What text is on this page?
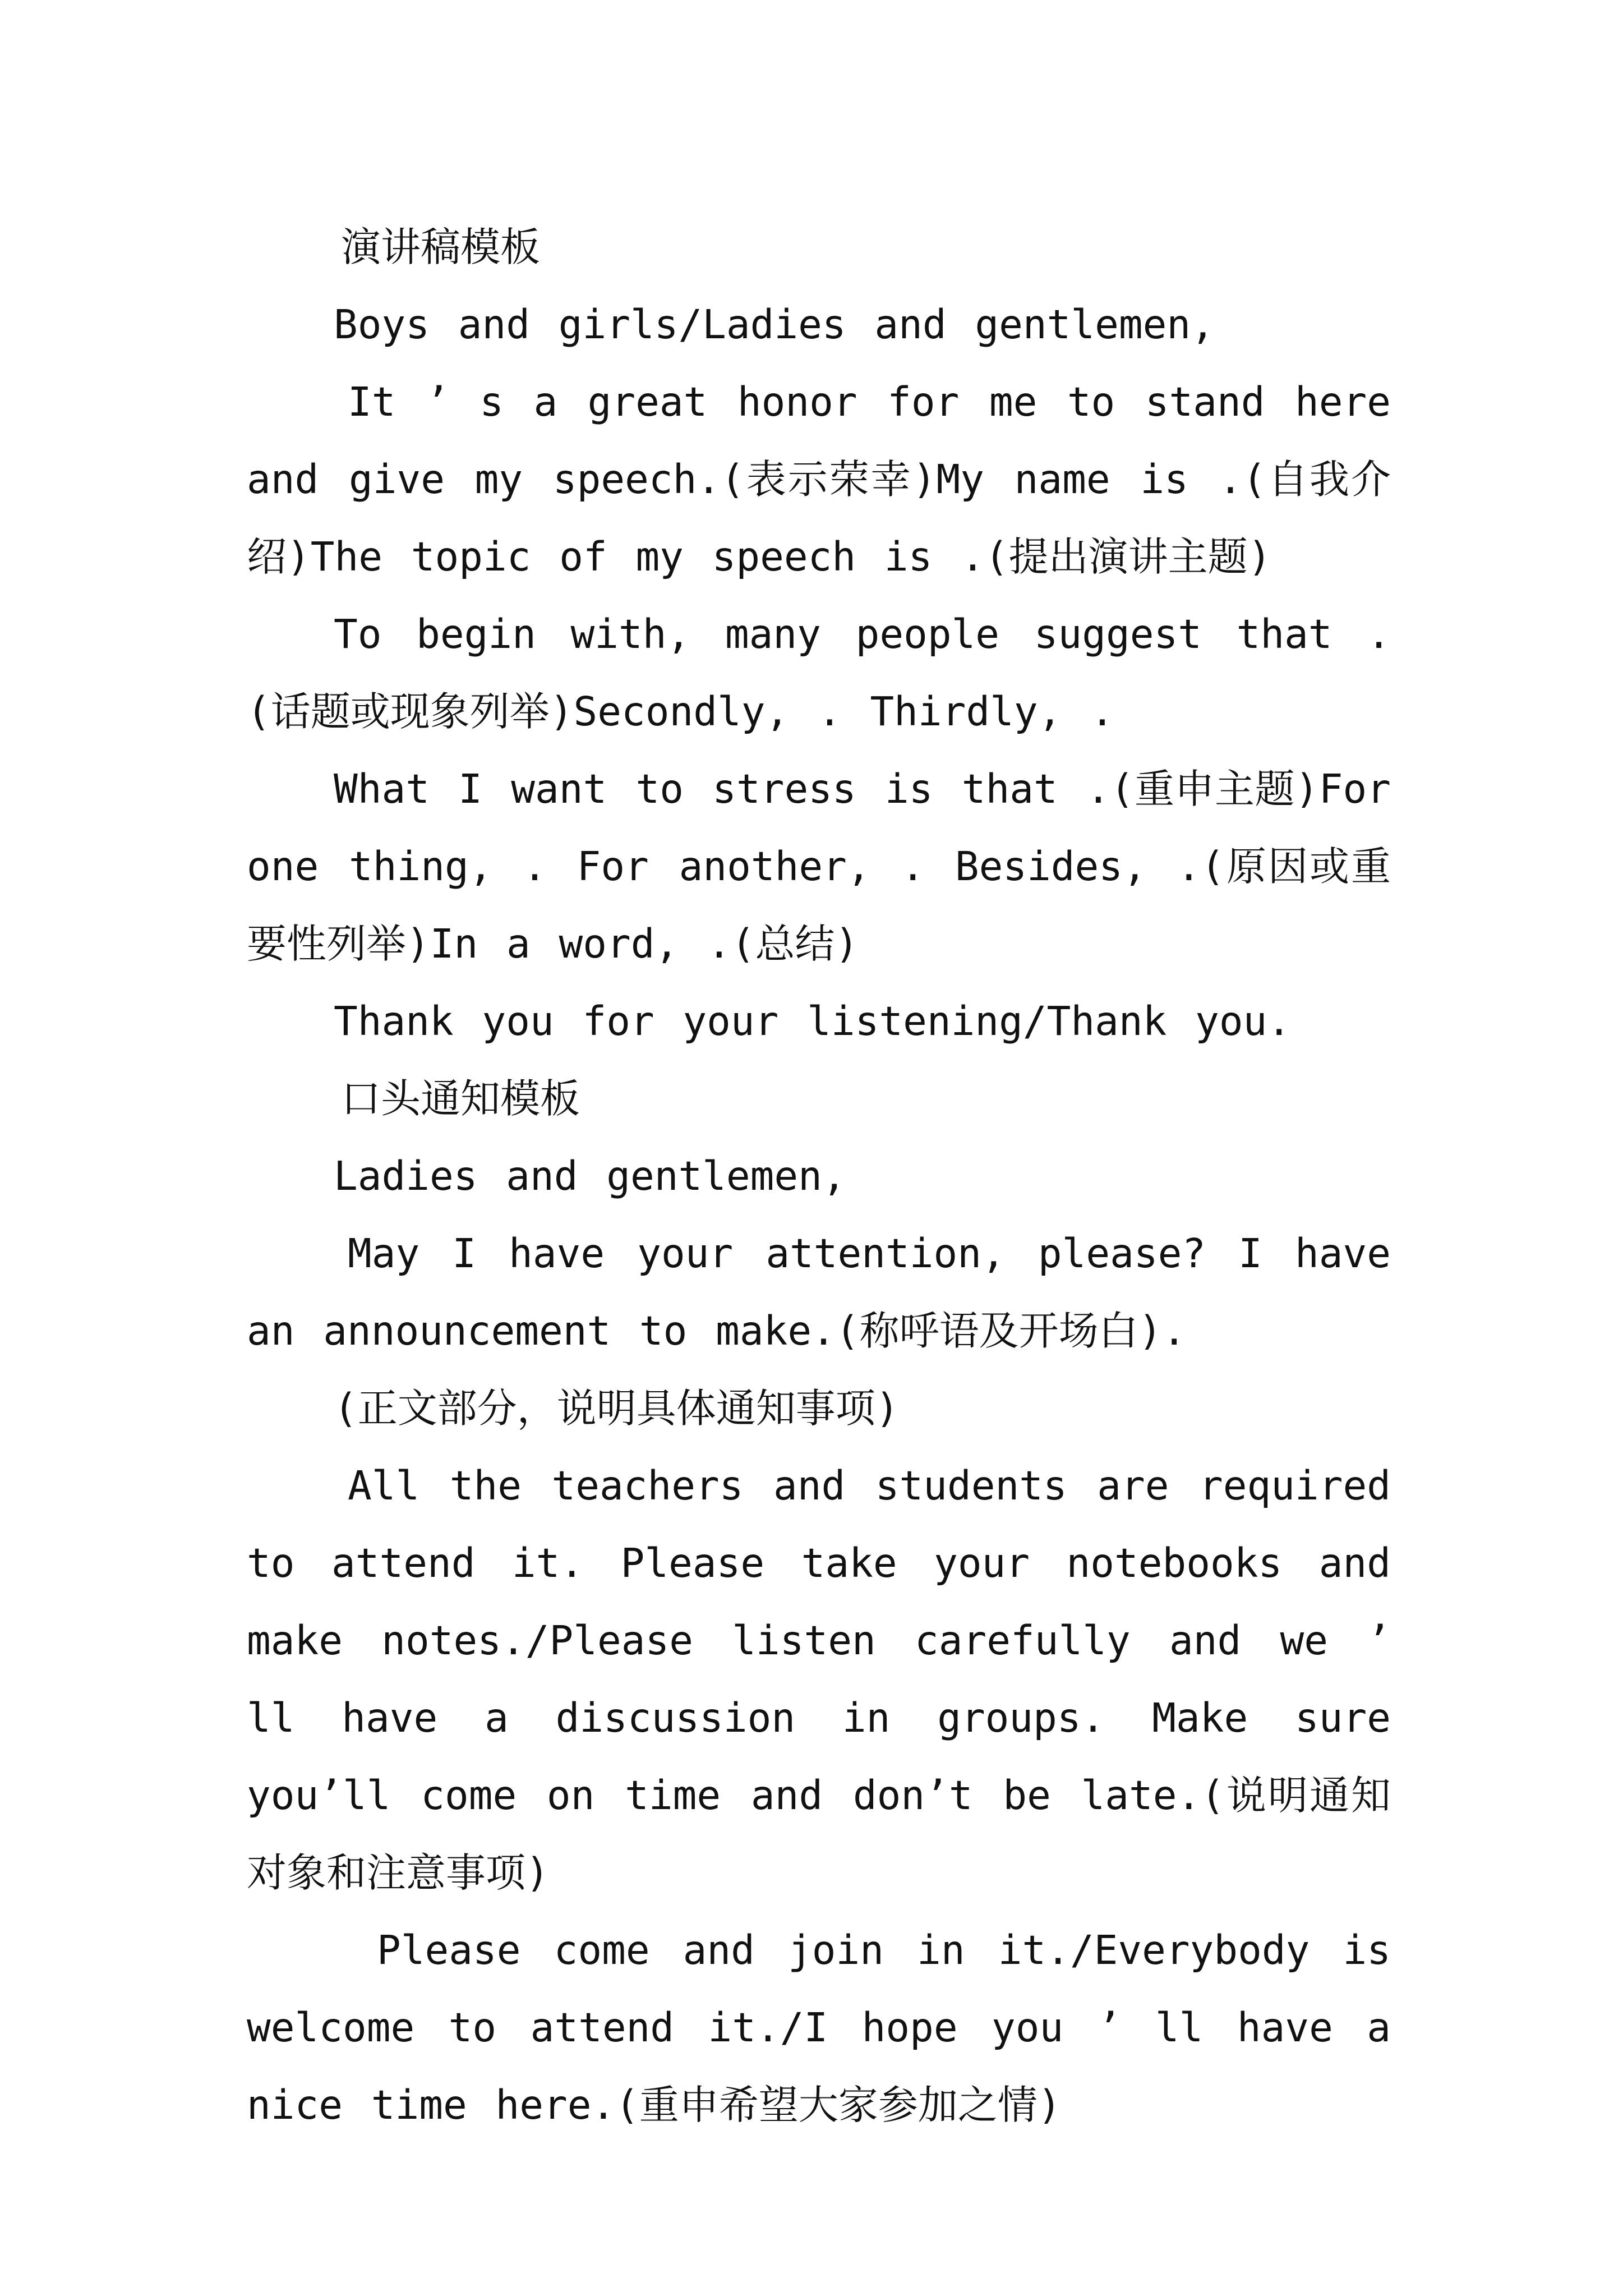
演讲稿模板

Boys and girls/Ladies and gentlemen,

It ’ s a great honor for me to stand here and give my speech.(表示荣幸)My name is .(自我介绍)The topic of my speech is .(提出演讲主题)

To begin with, many people suggest that .(话题或现象列举)Secondly, . Thirdly, .

What I want to stress is that .(重申主题)For one thing, . For another, . Besides, .(原因或重要性列举)In a word, .(总结)

Thank you for your listening/Thank you.

口头通知模板

Ladies and gentlemen,

May I have your attention, please? I have an announcement to make.(称呼语及开场白).

(正文部分，说明具体通知事项)

All the teachers and students are required to attend it. Please take your notebooks and make notes./Please listen carefully and we ’ ll have a discussion in groups. Make sure you’ll come on time and don’t be late.(说明通知对象和注意事项)

Please come and join in it./Everybody is welcome to attend it./I hope you ’ ll have a nice time here.(重申希望大家参加之情)
